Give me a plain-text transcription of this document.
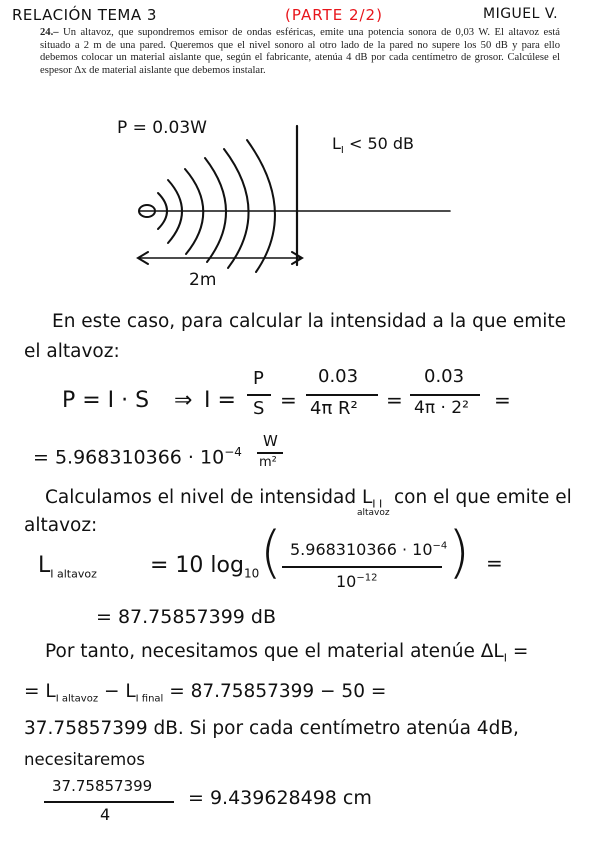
RELACIÓN TEMA 3	(PARTE 2/2)	MIGUEL V.
24.– Un altavoz, que supondremos emisor de ondas esféricas, emite una potencia sonora de 0,03 W. El altavoz está situado a 2 m de una pared. Queremos que el nivel sonoro al otro lado de la pared no supere los 50 dB y para ello debemos colocar un material aislante que, según el fabricante, atenúa 4 dB por cada centímetro de grosor. Calcúlese el espesor Δx de material aislante que debemos instalar.
P = 0.03W
$L_I < 50$ dB
2m
En este caso, para calcular la intensidad a la que emite
el altavoz:
P = I · S ⇒ I =
P
S =
0.03
4π R² =
0.03
4π · 2² =
= $5.968310366 \cdot 10^{-4}$
W
m²
Calculamos el nivel de intensidad $L_{I I}$ con el que emite el
altavoz
altavoz:
$L_{I altavoz} = 10$ $\log_{10}$ ( $5.968310366 \cdot 10^{-4}$
$10^{-12}$ ) =
= 87.75857399 dB
Por tanto, necesitamos que el material atenúe $\Delta L_I$ =
= $L_{I altavoz} - L_{I final} = 87.75857399 - 50$ =
37.75857399 dB. Si por cada centímetro atenúa 4dB,
necesitaremos
37.75857399
4
= 9.439628498 cm
